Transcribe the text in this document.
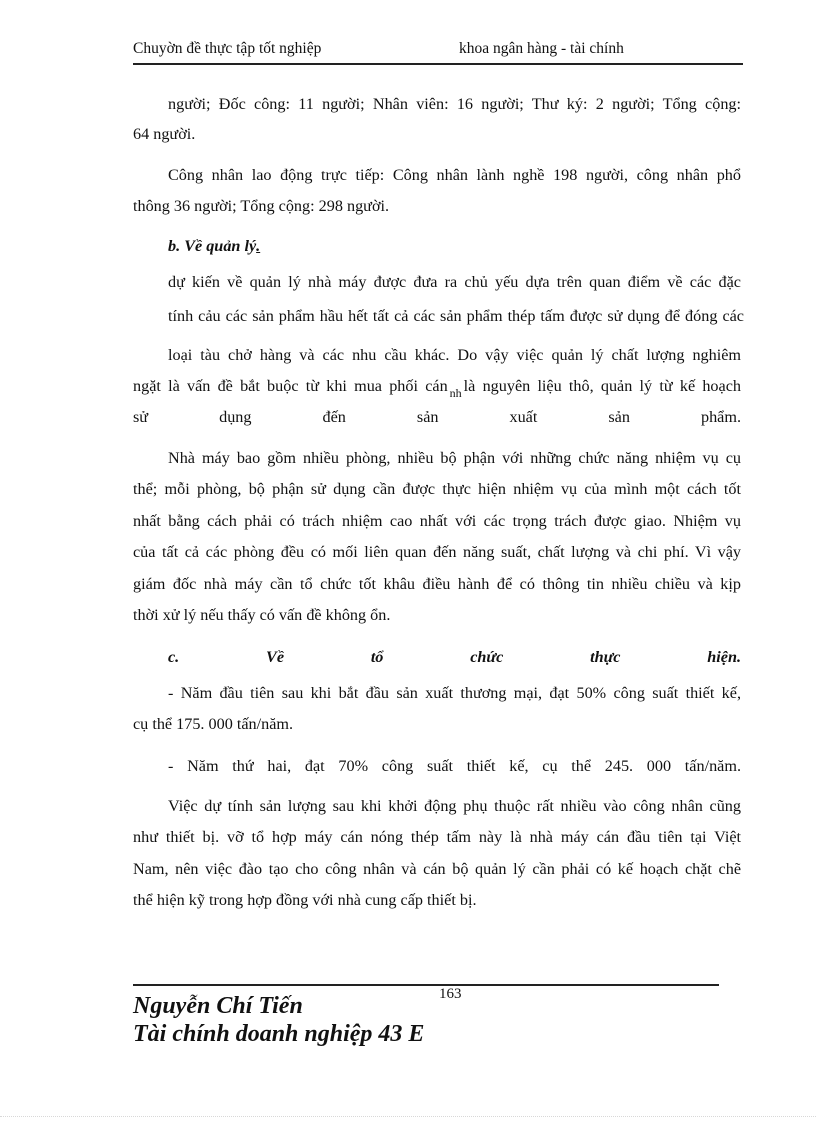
Chuyờn đề thực tập tốt nghiệp	khoa ngân hàng - tài chính
người; Đốc công: 11 người; Nhân viên: 16 người; Thư ký: 2 người; Tổng cộng:
64 người.
Công nhân lao động trực tiếp: Công nhân lành nghề 198 người, công nhân phổ
thông 36 người; Tổng cộng: 298 người.
b. Về quản lý.
dự kiến về quản lý nhà máy được đưa ra chủ yếu dựa trên quan điểm về các đặc
tính cảu các sản phẩm hầu hết tất cả các sản phẩm thép tấm được sử dụng để đóng các
loại tàu chở hàng và các nhu cầu khác. Do vậy việc quản lý chất lượng nghiêm
ngặt là vấn đề bắt buộc từ khi mua phối cán $_{nh}$ là nguyên liệu thô, quản lý từ kế hoạch
sử dụng đến sản xuất sản phẩm.
Nhà máy bao gồm nhiều phòng, nhiều bộ phận với những chức năng nhiệm vụ cụ
thể; mỗi phòng, bộ phận sử dụng cần được thực hiện nhiệm vụ của mình một cách tốt
nhất bằng cách phải có trách nhiệm cao nhất với các trọng trách được giao. Nhiệm vụ
của tất cả các phòng đều có mối liên quan đến năng suất, chất lượng và chi phí. Vì vậy
giám đốc nhà máy cần tổ chức tốt khâu điều hành để có thông tin nhiều chiều và kịp
thời xử lý nếu thấy có vấn đề không ổn.
c. Về tổ chức thực hiện.
- Năm đầu tiên sau khi bắt đầu sản xuất thương mại, đạt 50% công suất thiết kế,
cụ thể 175. 000 tấn/năm.
- Năm thứ hai, đạt 70% công suất thiết kế, cụ thể 245. 000 tấn/năm.
Việc dự tính sản lượng sau khi khởi động phụ thuộc rất nhiều vào công nhân cũng
như thiết bị. vỡ tổ hợp máy cán nóng thép tấm này là nhà máy cán đầu tiên tại Việt
Nam, nên việc đào tạo cho công nhân và cán bộ quản lý cần phải có kế hoạch chặt chẽ
thể hiện kỹ trong hợp đồng với nhà cung cấp thiết bị.
163
Nguyễn Chí Tiến
Tài chính doanh nghiệp 43 E
